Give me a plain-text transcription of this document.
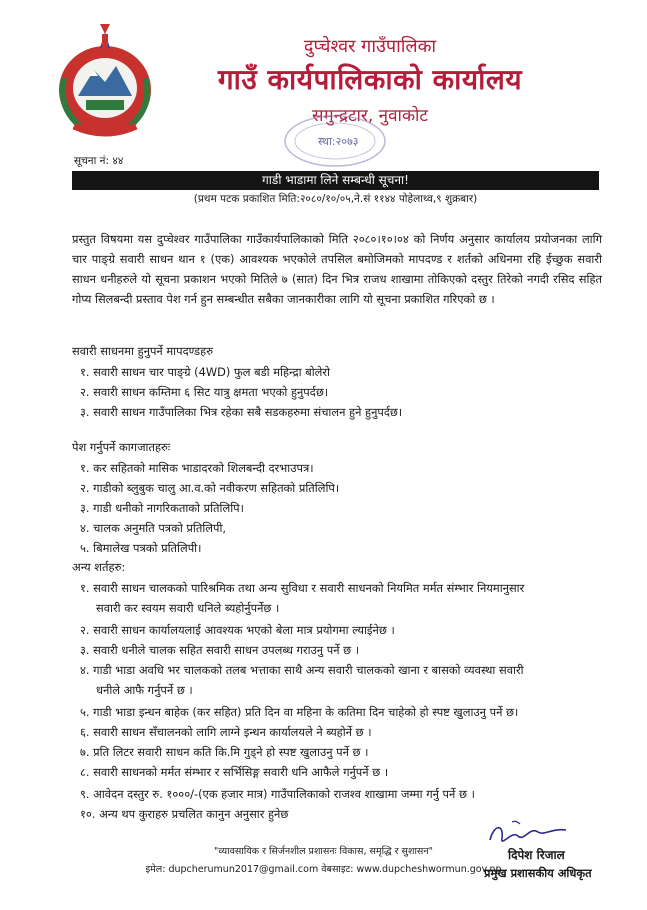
दुप्चेश्वर गाउँपालिका
गाउँ कार्यपालिकाको कार्यालय
समुन्द्रटार, नुवाकोट
स्था:२०७३
सूचना नं: ४४
गाडी भाडामा लिने सम्बन्धी सूचना!
(प्रथम पटक प्रकाशित मिति:२०८०/१०/०५,ने.सं ११४४ पोहेलाथ्व,९ शुक्रबार)
प्रस्तुत विषयमा यस दुप्चेश्वर गाउँपालिका गाउँकार्यपालिकाको मिति २०८०।१०।०४ को निर्णय अनुसार कार्यालय प्रयोजनका लागि चार पाङ्ग्रे सवारी साधन थान १ (एक) आवश्यक भएकोले तपसिल बमोजिमको मापदण्ड र शर्तको अधिनमा रहि ईच्छुक सवारी साधन धनीहरुले यो सूचना प्रकाशन भएको मितिले ७ (सात) दिन भित्र राजध शाखामा तोकिएको दस्तुर तिरेको नगदी रसिद सहित गोप्य सिलबन्दी प्रस्ताव पेश गर्न हुन सम्बन्धीत सबैका जानकारीका लागि यो सूचना प्रकाशित गरिएको छ ।
सवारी साधनमा हुनुपर्ने मापदण्डहरु
१. सवारी साधन चार पाङ्ग्रे (4WD) फुल बडी महिन्द्रा बोलेरो
२. सवारी साधन कम्तिमा ६ सिट यात्रु क्षमता भएको हुनुपर्दछ।
३. सवारी साधन गाउँपालिका भित्र रहेका सबै सडकहरुमा संचालन हुने हुनुपर्दछ।
पेश गर्नुपर्ने कागजातहरुः
१. कर सहितको मासिक भाडादरको शिलबन्दी दरभाउपत्र।
२. गाडीको ब्लुबुक चालु आ.व.को नवीकरण सहितको प्रतिलिपि।
३. गाडी धनीको नागरिकताको प्रतिलिपि।
४. चालक अनुमति पत्रको प्रतिलिपी,
५. बिमालेख पत्रको प्रतिलिपी।
अन्य शर्तहरु:
१. सवारी साधन चालकको पारिश्रमिक तथा अन्य सुविधा र सवारी साधनको नियमित मर्मत संम्भार नियमानुसार
सवारी कर स्वयम सवारी धनिले ब्यहोर्नुपर्नेछ ।
२. सवारी साधन कार्यालयलाई आवश्यक भएको बेला मात्र प्रयोगमा ल्याईनेछ ।
३. सवारी धनीले चालक सहित सवारी साधन उपलब्ध गराउनु पर्ने छ ।
४. गाडी भाडा अवधि भर चालकको तलब भत्ताका साथै अन्य सवारी चालकको खाना र बासको व्यवस्था सवारी
धनीले आफै गर्नुपर्ने छ ।
५. गाडी भाडा इन्धन बाहेक (कर सहित) प्रति दिन वा महिना के कतिमा दिन चाहेको हो स्पष्ट खुलाउनु पर्ने छ।
६. सवारी साधन सँचालनको लागि लाग्ने इन्धन कार्यालयले ने ब्यहोर्ने छ ।
७. प्रति लिटर सवारी साधन कति कि.मि गुड्ने हो स्पष्ट खुलाउनु पर्ने छ ।
८. सवारी साधनको मर्मत संम्भार र सर्भिसिङ्ग सवारी धनि आफैले गर्नुपर्ने छ ।
९. आवेदन दस्तुर रु. १०००/-(एक हजार मात्र) गाउँपालिकाको राजश्व शाखामा जम्मा गर्नु पर्ने छ ।
१०. अन्य थप कुराहरु प्रचलित कानुन अनुसार हुनेछ
दिपेश रिजाल
प्रमुख प्रशासकीय अधिकृत
"व्यावसायिक र सिर्जनशील प्रशासनः विकास, समृद्धि र सुशासन"
इमेल: dupcherumun2017@gmail.com वेबसाइट: www.dupcheshwormun.gov.np
